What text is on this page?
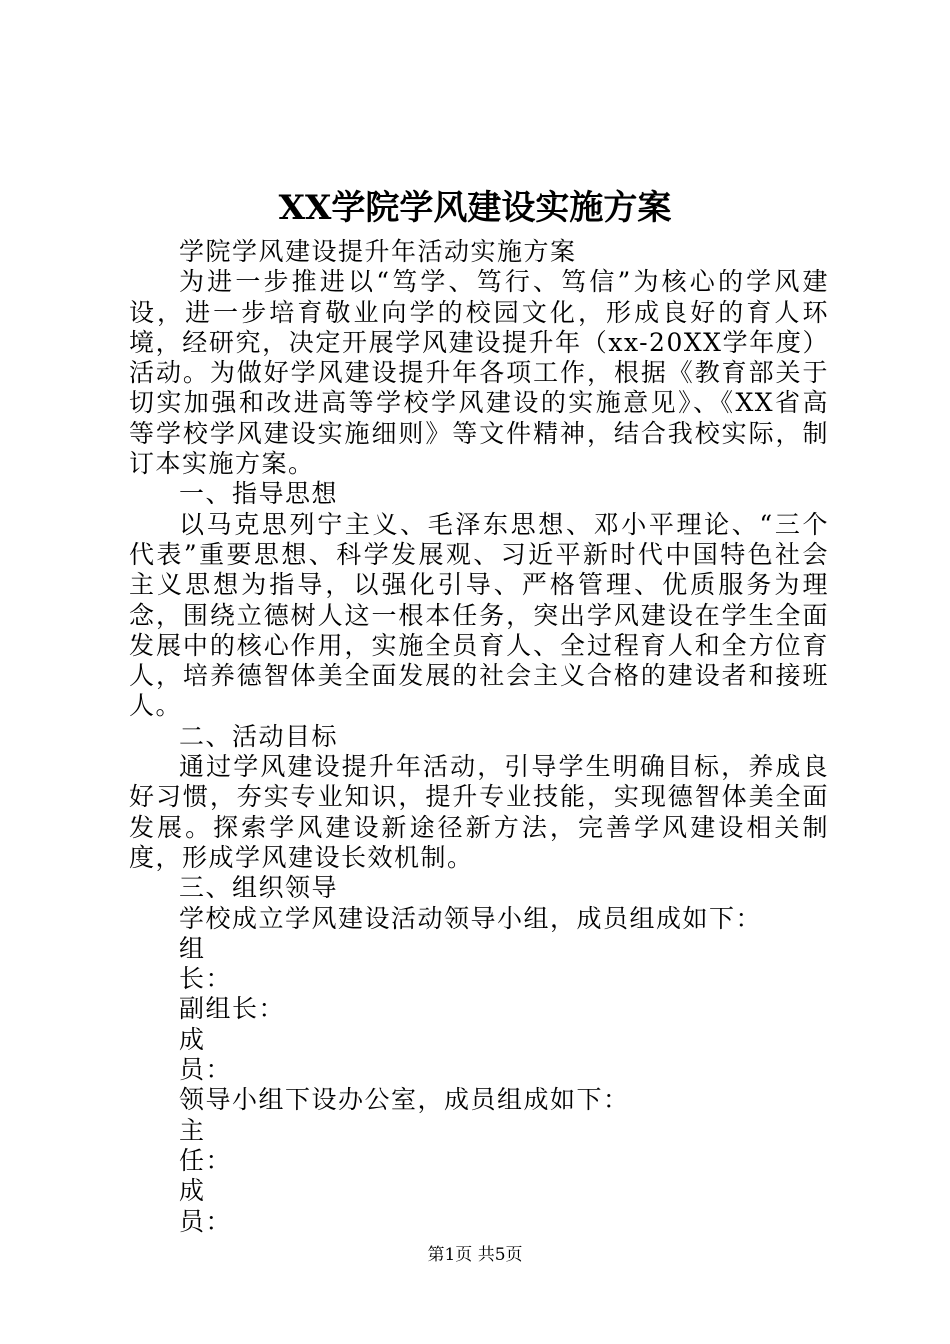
XX学院学风建设实施方案

学院学风建设提升年活动实施方案

为进一步推进以“笃学、笃行、笃信”为核心的学风建设，进一步培育敬业向学的校园文化，形成良好的育人环境，经研究，决定开展学风建设提升年（xx-20XX学年度）活动。为做好学风建设提升年各项工作，根据《教育部关于切实加强和改进高等学校学风建设的实施意见》、《XX省高等学校学风建设实施细则》等文件精神，结合我校实际，制订本实施方案。

一、指导思想

以马克思列宁主义、毛泽东思想、邓小平理论、“三个代表”重要思想、科学发展观、习近平新时代中国特色社会主义思想为指导，以强化引导、严格管理、优质服务为理念，围绕立德树人这一根本任务，突出学风建设在学生全面发展中的核心作用，实施全员育人、全过程育人和全方位育人，培养德智体美全面发展的社会主义合格的建设者和接班人。

二、活动目标

通过学风建设提升年活动，引导学生明确目标，养成良好习惯，夯实专业知识，提升专业技能，实现德智体美全面发展。探索学风建设新途径新方法，完善学风建设相关制度，形成学风建设长效机制。

三、组织领导

学校成立学风建设活动领导小组，成员组成如下：

组长：

副组长：

成员：

领导小组下设办公室，成员组成如下：

主任：

成员：

第1页 共5页
